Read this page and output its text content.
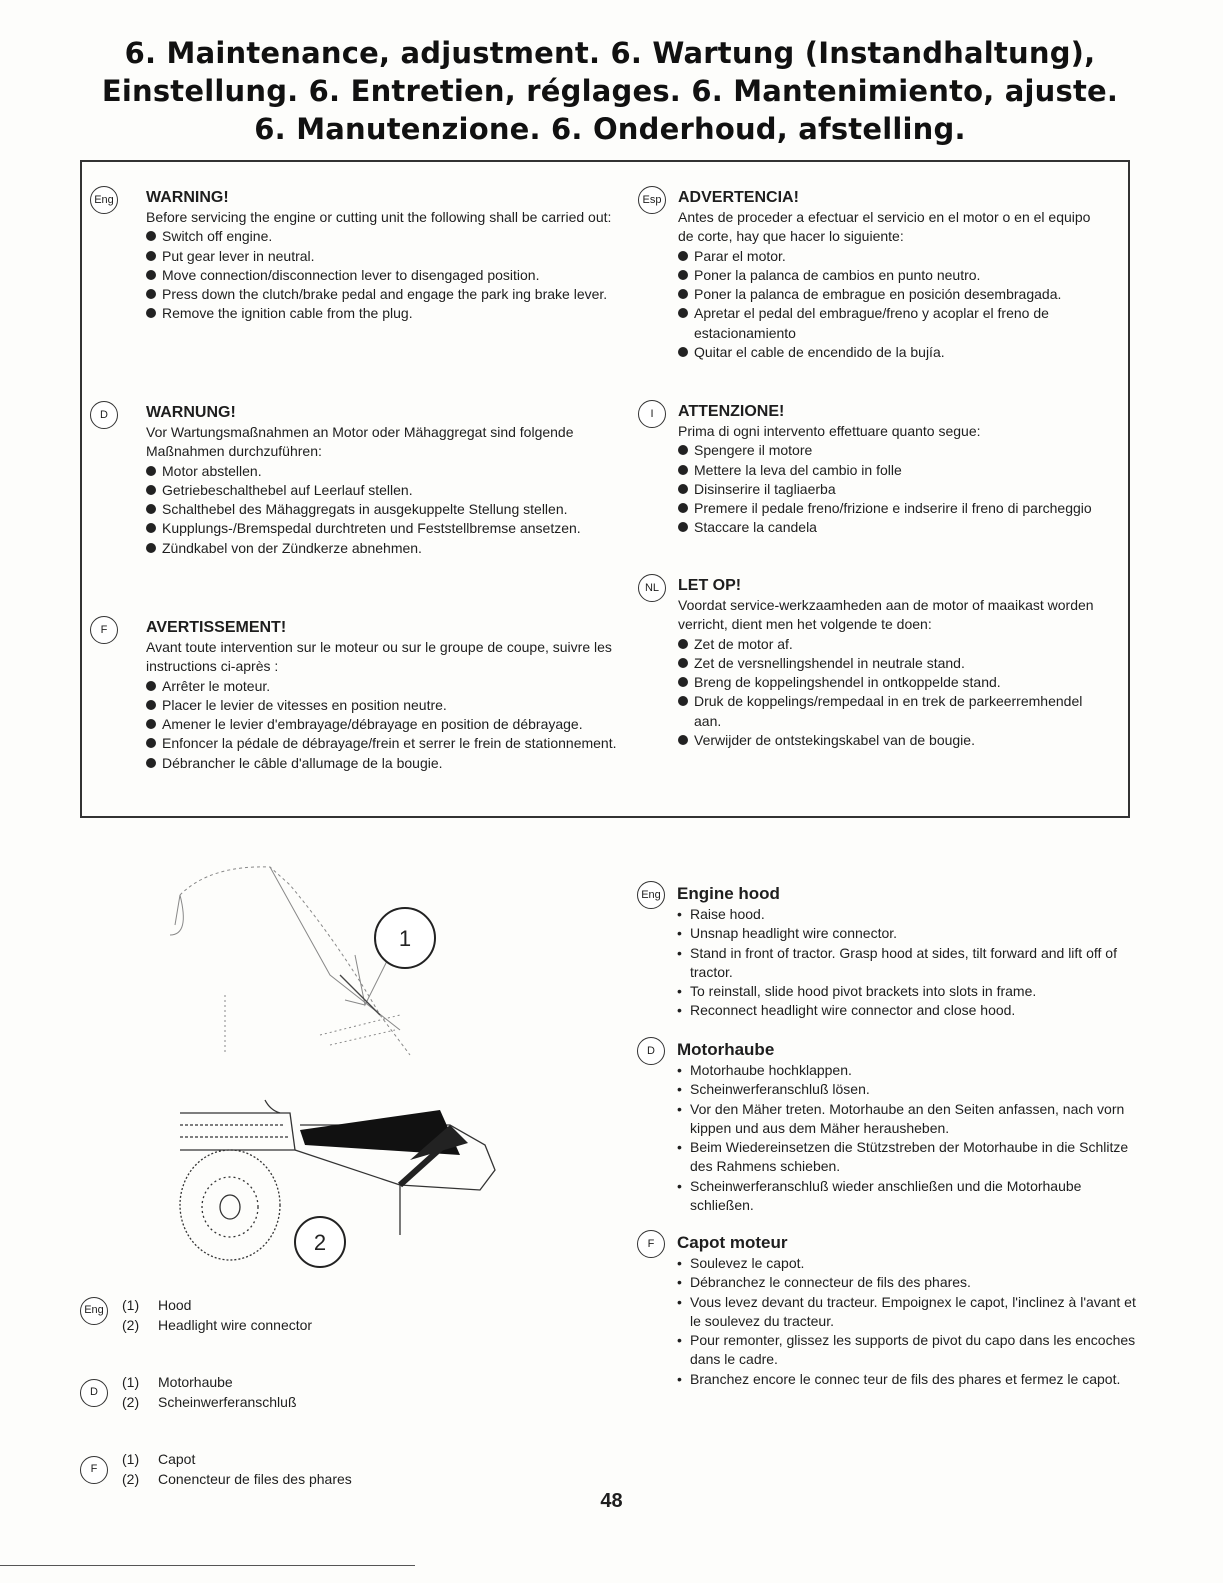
6. Maintenance, adjustment. 6. Wartung (Instandhaltung),
Einstellung. 6. Entretien, réglages. 6. Mantenimiento, ajuste.
6. Manutenzione. 6. Onderhoud, afstelling.
Eng WARNING!
Before servicing the engine or cutting unit the following shall be carried out:
Switch off engine.
Put gear lever in neutral.
Move connection/disconnection lever to disengaged position.
Press down the clutch/brake pedal and engage the park ing brake lever.
Remove the ignition cable from the plug.
D	WARNUNG!
Vor Wartungsmaßnahmen an Motor oder Mähaggregat sind folgende Maßnahmen durchzuführen:
Motor abstellen.
Getriebeschalthebel auf Leerlauf stellen.
Schalthebel des Mähaggregats in ausgekuppelte Stellung stellen.
Kupplungs-/Bremspedal durchtreten und Feststellbremse ansetzen.
Zündkabel von der Zündkerze abnehmen.
F	AVERTISSEMENT!
Avant toute intervention sur le moteur ou sur le groupe de coupe, suivre les instructions ci-après :
Arrêter le moteur.
Placer le levier de vitesses en position neutre.
Amener le levier d'embrayage/débrayage en position de débrayage.
Enfoncer la pédale de débrayage/frein et serrer le frein de stationnement.
Débrancher le câble d'allumage de la bougie.
Esp ADVERTENCIA!
Antes de proceder a efectuar el servicio en el motor o en el equipo de corte, hay que hacer lo siguiente:
Parar el motor.
Poner la palanca de cambios en punto neutro.
Poner la palanca de embrague en posición desembragada.
Apretar el pedal del embrague/freno y acoplar el freno de estacionamiento
Quitar el cable de encendido de la bujía.
I	ATTENZIONE!
Prima di ogni intervento effettuare quanto segue:
Spengere il motore
Mettere la leva del cambio in folle
Disinserire il tagliaerba
Premere il pedale freno/frizione e indserire il freno di parcheggio
Staccare la candela
NL	LET OP!
Voordat service-werkzaamheden aan de motor of maaikast worden verricht, dient men het volgende te doen:
Zet de motor af.
Zet de versnellingshendel in neutrale stand.
Breng de koppelingshendel in ontkoppelde stand.
Druk de koppelings/rempedaal in en trek de parkeerremhendel aan.
Verwijder de ontstekingskabel van de bougie.
1
2
Eng	(1) Hood
(2) Headlight wire connector
D
(1) Motorhaube
(2) Scheinwerferanschluß
F
(1) Capot
(2) Conencteur de files des phares
Eng Engine hood
• Raise hood.
• Unsnap headlight wire connector.
• Stand in front of tractor. Grasp hood at sides, tilt forward and lift off of tractor.
• To reinstall, slide hood pivot brackets into slots in frame.
• Reconnect headlight wire connector and close hood.
D	Motorhaube
• Motorhaube hochklappen.
• Scheinwerferanschluß lösen.
• Vor den Mäher treten. Motorhaube an den Seiten anfassen, nach vorn kippen und aus dem Mäher herausheben.
• Beim Wiedereinsetzen die Stützstreben der Motorhaube in die Schlitze des Rahmens schieben.
• Scheinwerferanschluß wieder anschließen und die Motorhaube schließen.
F	Capot moteur
• Soulevez le capot.
• Débranchez le connecteur de fils des phares.
• Vous levez devant du tracteur. Empoignex le capot, l'inclinez à l'avant et le soulevez du tracteur.
• Pour remonter, glissez les supports de pivot du capo dans les encoches dans le cadre.
• Branchez encore le connec teur de fils des phares et fermez le capot.
48
